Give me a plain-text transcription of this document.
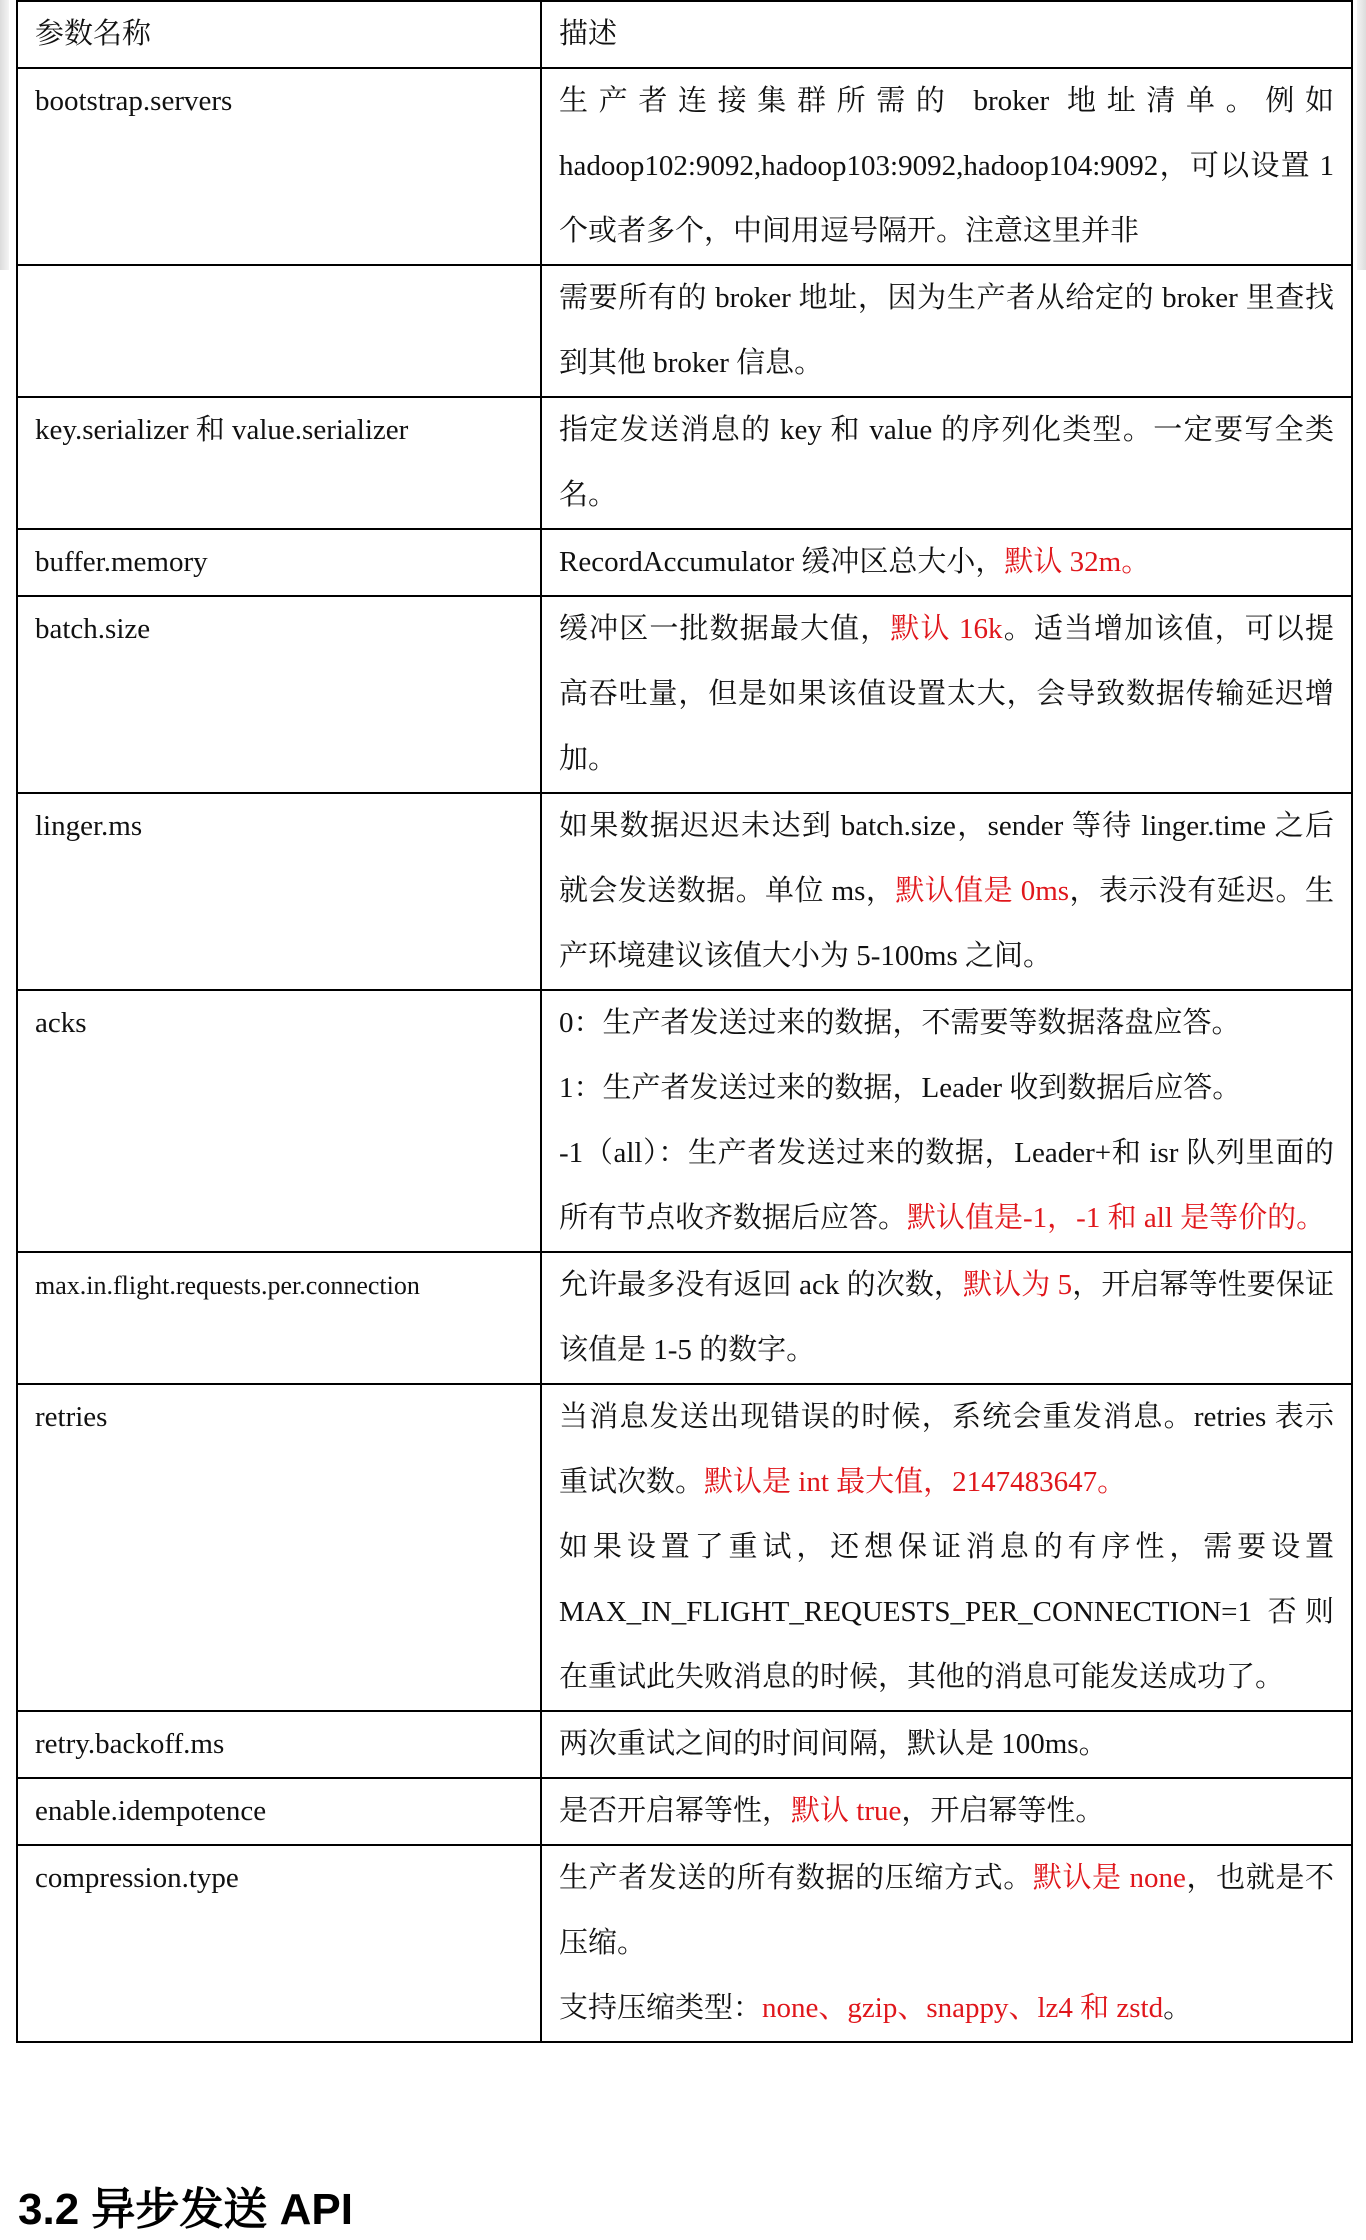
参数名称	描述
bootstrap.servers	生产者连接集群所需的 broker 地址清单。例如 hadoop102:9092,hadoop103:9092,hadoop104:9092，可以设置 1 个或者多个，中间用逗号隔开。注意这里并非
	需要所有的 broker 地址，因为生产者从给定的 broker 里查找到其他 broker 信息。
key.serializer 和 value.serializer	指定发送消息的 key 和 value 的序列化类型。一定要写全类名。
buffer.memory	RecordAccumulator 缓冲区总大小，默认 32m。
batch.size	缓冲区一批数据最大值，默认 16k。适当增加该值，可以提高吞吐量，但是如果该值设置太大，会导致数据传输延迟增加。
linger.ms	如果数据迟迟未达到 batch.size，sender 等待 linger.time 之后就会发送数据。单位 ms，默认值是 0ms，表示没有延迟。生产环境建议该值大小为 5-100ms 之间。
acks	0：生产者发送过来的数据，不需要等数据落盘应答。
1：生产者发送过来的数据，Leader 收到数据后应答。
-1（all）：生产者发送过来的数据，Leader+和 isr 队列里面的所有节点收齐数据后应答。默认值是-1，-1 和 all 是等价的。

max.in.flight.requests.per.connection	允许最多没有返回 ack 的次数，默认为 5，开启幂等性要保证该值是 1-5 的数字。
retries	当消息发送出现错误的时候，系统会重发消息。retries 表示重试次数。默认是 int 最大值，2147483647。
如果设置了重试，还想保证消息的有序性，需要设置 MAX_IN_FLIGHT_REQUESTS_PER_CONNECTION=1 否则在重试此失败消息的时候，其他的消息可能发送成功了。

retry.backoff.ms	两次重试之间的时间间隔，默认是 100ms。
enable.idempotence	是否开启幂等性，默认 true，开启幂等性。
compression.type	生产者发送的所有数据的压缩方式。默认是 none，也就是不压缩。
支持压缩类型：none、gzip、snappy、lz4 和 zstd。
3.2 异步发送 API
